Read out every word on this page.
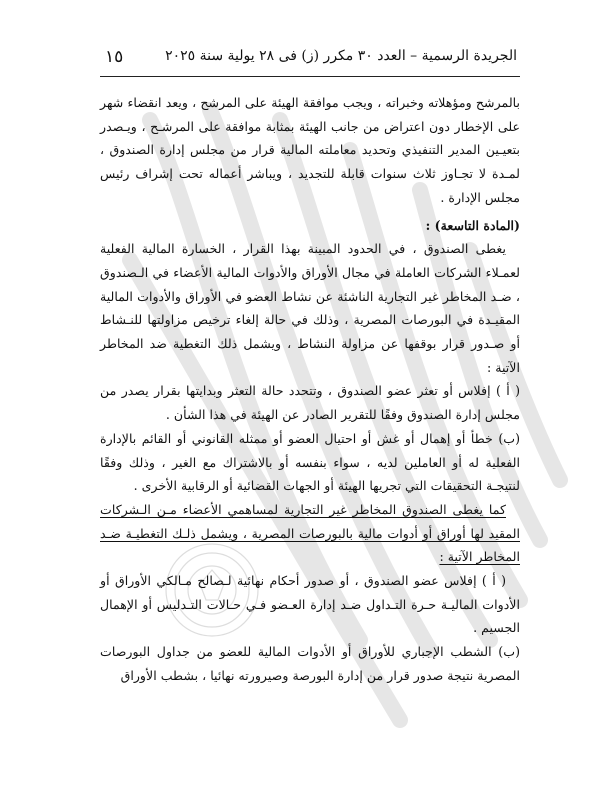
١٥	الجريدة الرسمية – العدد ٣٠ مكرر (ز) فى ٢٨ يولية سنة ٢٠٢٥

بالمرشح ومؤهلاته وخبراته ، ويجب موافقة الهيئة على المرشح ، ويعد انقضاء شهر على الإخطار دون اعتراض من جانب الهيئة بمثابة موافقة على المرشـح ، ويـصدر بتعيـين المدير التنفيذي وتحديد معاملته المالية قرار من مجلس إدارة الصندوق ، لمـدة لا تجـاوز ثلاث سنوات قابلة للتجديد ، ويباشر أعماله تحت إشراف رئيس مجلس الإدارة .

(المادة التاسعة) :

يغطى الصندوق ، في الحدود المبينة بهذا القرار ، الخسارة المالية الفعلية لعمـلاء الشركات العاملة في مجال الأوراق والأدوات المالية الأعضاء في الـصندوق ، ضـد المخاطر غير التجارية الناشئة عن نشاط العضو في الأوراق والأدوات المالية المقيـدة في البورصات المصرية ، وذلك في حالة إلغاء ترخيص مزاولتها للنـشاط أو صـدور قرار بوقفها عن مزاولة النشاط ، ويشمل ذلك التغطية ضد المخاطر الآتية :

( أ ) إفلاس أو تعثر عضو الصندوق ، وتتحدد حالة التعثر وبدايتها بقرار يصدر من مجلس إدارة الصندوق وفقًا للتقرير الصادر عن الهيئة في هذا الشأن .

(ب) خطأ أو إهمال أو غش أو احتيال العضو أو ممثله القانوني أو القائم بالإدارة الفعلية له أو العاملين لديه ، سواء بنفسه أو بالاشتراك مع الغير ، وذلك وفقًا لنتيجـة التحقيقات التي تجريها الهيئة أو الجهات القضائية أو الرقابية الأخرى .

كما يغطى الصندوق المخاطر غير التجارية لمساهمي الأعضاء مـن الـشركات المقيد لها أوراق أو أدوات مالية بالبورصات المصرية ، ويشمل ذلـك التغطيـة ضـد المخاطر الآتية :

( أ ) إفلاس عضو الصندوق ، أو صدور أحكام نهائية لـصالح مـالكي الأوراق أو الأدوات الماليـة حـرة التـداول ضـد إدارة العـضو فـي حـالات التـدليس أو الإهمال الجسيم .

(ب) الشطب الإجباري للأوراق أو الأدوات المالية للعضو من جداول البورصات المصرية نتيجة صدور قرار من إدارة البورصة وصيرورته نهائيا ، بشطب الأوراق
